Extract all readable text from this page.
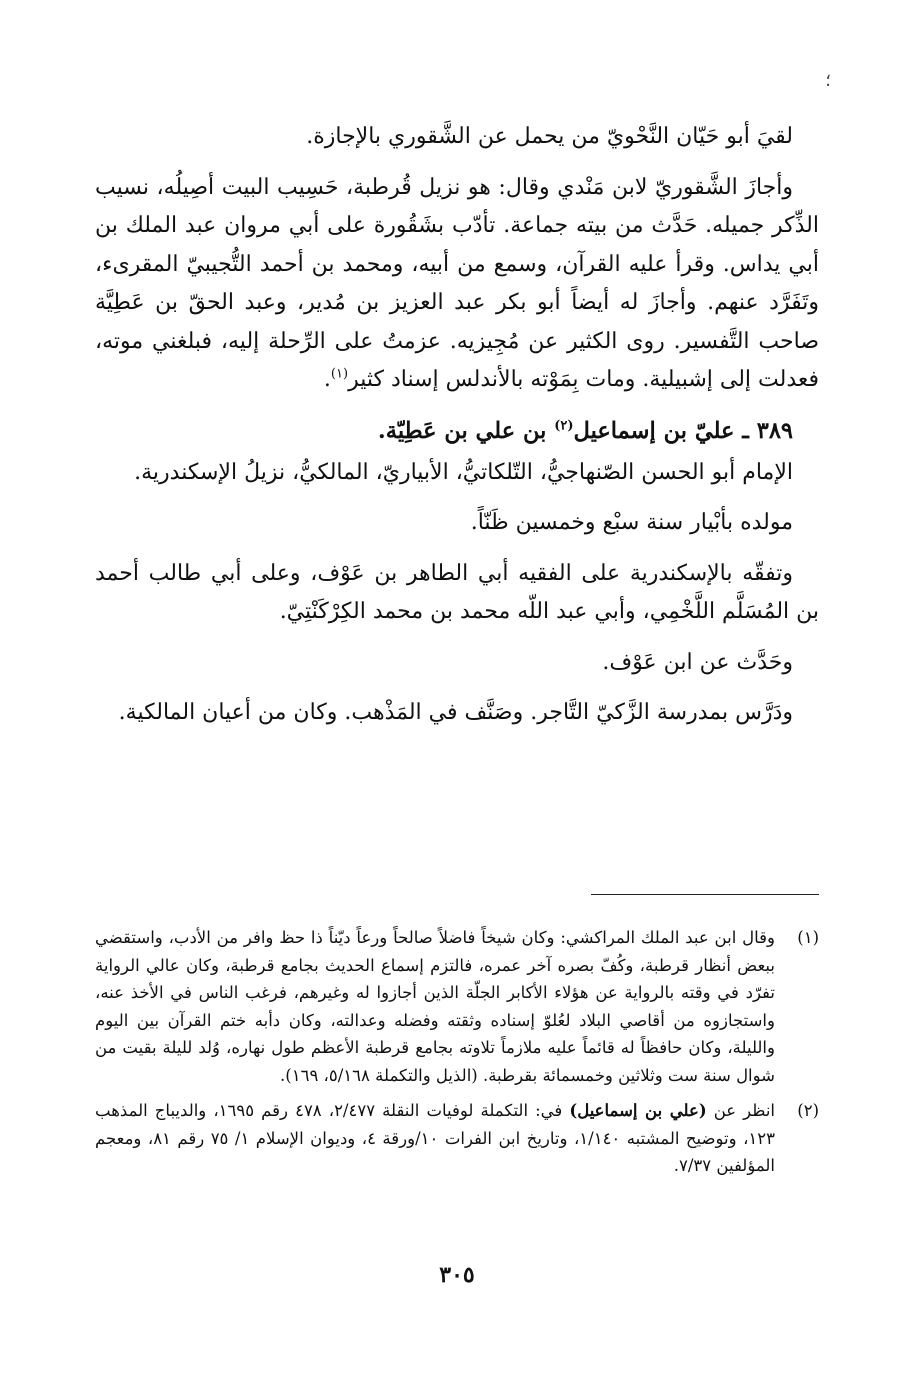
؛

لقيَ أبو حَيّان النَّحْويّ من يحمل عن الشَّقوري بالإجازة.

وأجازَ الشَّقوريّ لابن مَنْدي وقال: هو نزيل قُرطبة، حَسِيب البيت أصِيلُه، نسيب الذِّكر جميله. حَدَّث من بيته جماعة. تأدّب بشَقُورة على أبي مروان عبد الملك بن أبي يداس. وقرأ عليه القرآن، وسمع من أبيه، ومحمد بن أحمد التُّجيبيّ المقرىء، وتَفَرَّد عنهم. وأجازَ له أيضاً أبو بكر عبد العزيز بن مُدير، وعبد الحقّ بن عَطِيَّة صاحب التَّفسير. روى الكثير عن مُجِيزيه. عزمتُ على الرِّحلة إليه، فبلغني موته، فعدلت إلى إشبيلية. ومات بِمَوْته بالأندلس إسناد كثير$^{(١)}$.

٣٨٩ ـ عليّ بن إسماعيل$^{(٢)}$ بن علي بن عَطِيّة.

الإمام أبو الحسن الصّنهاجيُّ، التّلكاتيُّ، الأبياريّ، المالكيُّ، نزيلُ الإسكندرية.

مولده بأبْيار سنة سبْع وخمسين ظَنّاً.

وتفقّه بالإسكندرية على الفقيه أبي الطاهر بن عَوْف، وعلى أبي طالب أحمد بن المُسَلَّم اللَّخْمِي، وأبي عبد اللّه محمد بن محمد الكِرْكَنْتِيّ.

وحَدَّث عن ابن عَوْف.

ودَرَّس بمدرسة الزَّكيّ التَّاجر. وصَنَّف في المَذْهب. وكان من أعيان المالكية.

(١)
وقال ابن عبد الملك المراكشي: وكان شيخاً فاضلاً صالحاً ورعاً ديّناً ذا حظ وافر من الأدب، واستقضي ببعض أنظار قرطبة، وكُفّ بصره آخر عمره، فالتزم إسماع الحديث بجامع قرطبة، وكان عالي الرواية تفرّد في وقته بالرواية عن هؤلاء الأكابر الجلّة الذين أجازوا له وغيرهم، فرغب الناس في الأخذ عنه، واستجازوه من أقاصي البلاد لعُلوّ إسناده وثقته وفضله وعدالته، وكان دأبه ختم القرآن بين اليوم والليلة، وكان حافظاً له قائماً عليه ملازماً تلاوته بجامع قرطبة الأعظم طول نهاره، وُلد لليلة بقيت من شوال سنة ست وثلاثين وخمسمائة بقرطبة. (الذيل والتكملة ٥/١٦٨، ١٦٩).
(٢)
انظر عن (علي بن إسماعيل) في: التكملة لوفيات النقلة ٢/٤٧٧، ٤٧٨ رقم ١٦٩٥، والديباج المذهب ١٢٣، وتوضيح المشتبه ١/١٤٠، وتاريخ ابن الفرات ١٠/ورقة ٤، وديوان الإسلام ١/ ٧٥ رقم ٨١، ومعجم المؤلفين ٧/٣٧.
٣٠٥
